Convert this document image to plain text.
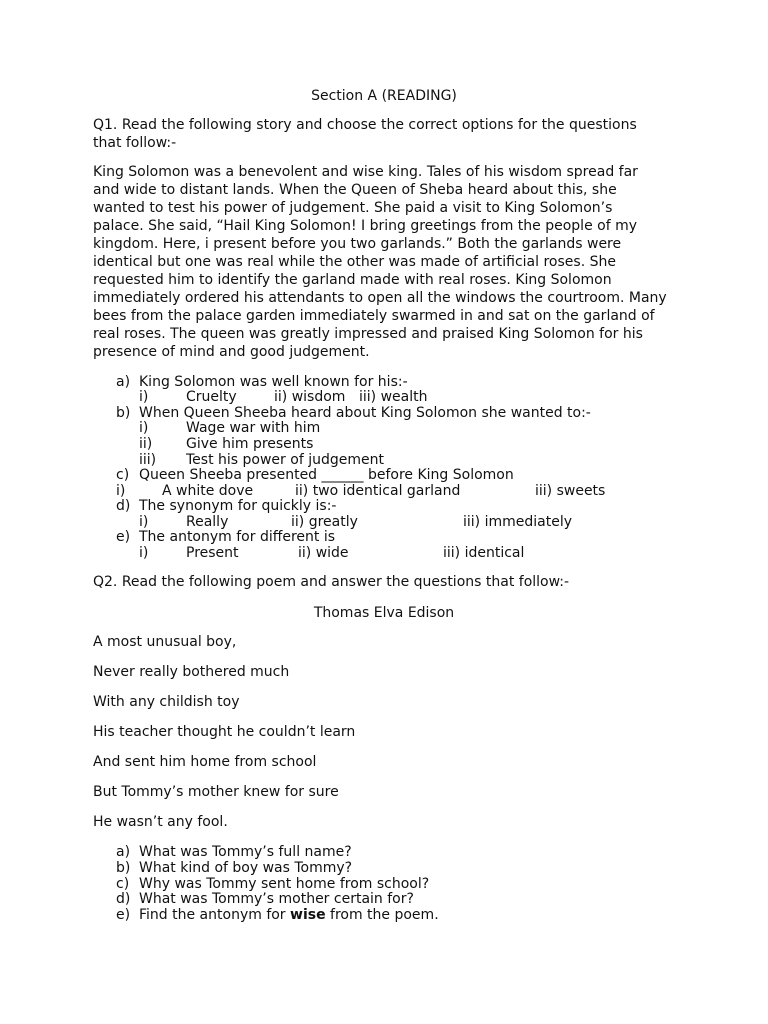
Section A (READING)
Q1. Read the following story and choose the correct options for the questions
that follow:-
King Solomon was a benevolent and wise king. Tales of his wisdom spread far
and wide to distant lands. When the Queen of Sheba heard about this, she
wanted to test his power of judgement. She paid a visit to King Solomon’s
palace. She said, “Hail King Solomon! I bring greetings from the people of my
kingdom. Here, i present before you two garlands.” Both the garlands were
identical but one was real while the other was made of artificial roses. She
requested him to identify the garland made with real roses. King Solomon
immediately ordered his attendants to open all the windows the courtroom. Many
bees from the palace garden immediately swarmed in and sat on the garland of
real roses. The queen was greatly impressed and praised King Solomon for his
presence of mind and good judgement.
a) King Solomon was well known for his:-
i)	Cruelty	ii) wisdom iii) wealth
b) When Queen Sheeba heard about King Solomon she wanted to:-
i)	Wage war with him
ii) Give him presents
iii) Test his power of judgement
c) Queen Sheeba presented ______ before King Solomon
i)	A white dove	ii) two identical garland	iii) sweets
d) The synonym for quickly is:-
i)	Really	ii) greatly	iii) immediately
e) The antonym for different is
i)	Present	ii) wide	iii) identical
Q2. Read the following poem and answer the questions that follow:-
Thomas Elva Edison
A most unusual boy,
Never really bothered much
With any childish toy
His teacher thought he couldn’t learn
And sent him home from school
But Tommy’s mother knew for sure
He wasn’t any fool.
a) What was Tommy’s full name?
b) What kind of boy was Tommy?
c) Why was Tommy sent home from school?
d) What was Tommy’s mother certain for?
e) Find the antonym for wise from the poem.
